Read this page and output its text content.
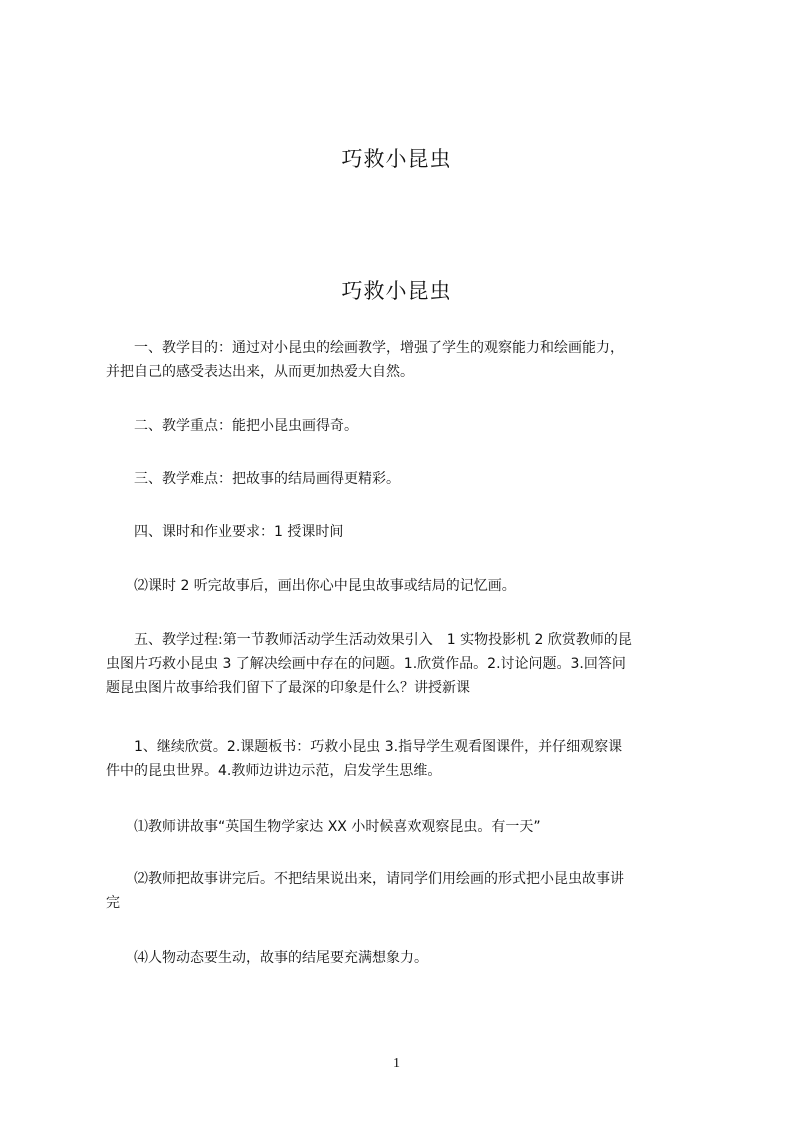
巧救小昆虫
巧救小昆虫
　　一、教学目的：通过对小昆虫的绘画教学，增强了学生的观察能力和绘画能力，
并把自己的感受表达出来，从而更加热爱大自然。
　　二、教学重点：能把小昆虫画得奇。
　　三、教学难点：把故事的结局画得更精彩。
　　四、课时和作业要求：1 授课时间
　　⑵课时 2 听完故事后，画出你心中昆虫故事或结局的记忆画。
　　五、教学过程:第一节教师活动学生活动效果引入　1 实物投影机 2 欣赏教师的昆
虫图片巧救小昆虫 3 了解决绘画中存在的问题。1.欣赏作品。2.讨论问题。3.回答问
题昆虫图片故事给我们留下了最深的印象是什么？讲授新课
　　1、继续欣赏。2.课题板书：巧救小昆虫 3.指导学生观看图课件，并仔细观察课
件中的昆虫世界。4.教师边讲边示范，启发学生思维。
　　⑴教师讲故事“英国生物学家达 XX 小时候喜欢观察昆虫。有一天”
　　⑵教师把故事讲完后。不把结果说出来，请同学们用绘画的形式把小昆虫故事讲
完
　　⑷人物动态要生动，故事的结尾要充满想象力。
1
